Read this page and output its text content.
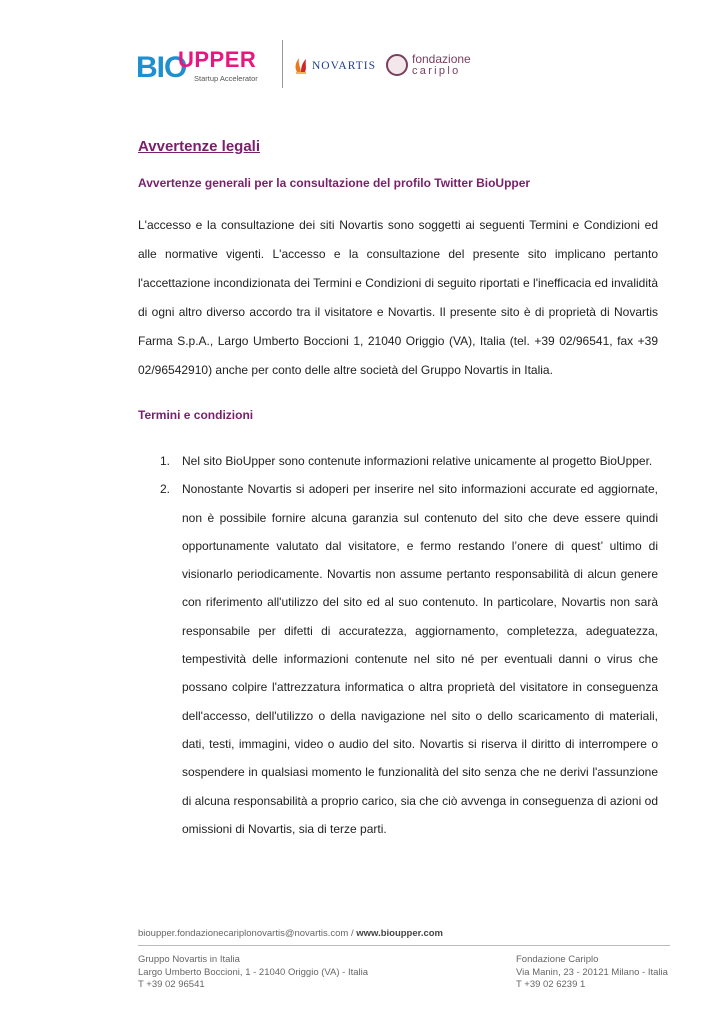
BIO
UPPER
Startup Accelerator
NOVARTIS	fondazione
cariplo
Avvertenze legali
Avvertenze generali per la consultazione del profilo Twitter BioUpper

L'accesso e la consultazione dei siti Novartis sono soggetti ai seguenti Termini e Condizioni ed alle normative vigenti. L'accesso e la consultazione del presente sito implicano pertanto l'accettazione incondizionata dei Termini e Condizioni di seguito riportati e l'inefficacia ed invalidità di ogni altro diverso accordo tra il visitatore e Novartis. Il presente sito è di proprietà di Novartis Farma S.p.A., Largo Umberto Boccioni 1, 21040 Origgio (VA), Italia (tel. +39 02/96541, fax +39 02/96542910) anche per conto delle altre società del Gruppo Novartis in Italia.

Termini e condizioni
1. Nel sito BioUpper sono contenute informazioni relative unicamente al progetto BioUpper.
2. Nonostante Novartis si adoperi per inserire nel sito informazioni accurate ed aggiornate, non è possibile fornire alcuna garanzia sul contenuto del sito che deve essere quindi opportunamente valutato dal visitatore, e fermo restando l’onere di quest’ ultimo di visionarlo periodicamente. Novartis non assume pertanto responsabilità di alcun genere con riferimento all'utilizzo del sito ed al suo contenuto. In particolare, Novartis non sarà responsabile per difetti di accuratezza, aggiornamento, completezza, adeguatezza, tempestività delle informazioni contenute nel sito né per eventuali danni o virus che possano colpire l'attrezzatura informatica o altra proprietà del visitatore in conseguenza dell'accesso, dell'utilizzo o della navigazione nel sito o dello scaricamento di materiali, dati, testi, immagini, video o audio del sito. Novartis si riserva il diritto di interrompere o sospendere in qualsiasi momento le funzionalità del sito senza che ne derivi l'assunzione di alcuna responsabilità a proprio carico, sia che ciò avvenga in conseguenza di azioni od omissioni di Novartis, sia di terze parti.
bioupper.fondazionecariplonovartis@novartis.com / www.bioupper.com
Gruppo Novartis in Italia
Largo Umberto Boccioni, 1 - 21040 Origgio (VA) - Italia
T +39 02 96541
Fondazione Cariplo
Via Manin, 23 - 20121 Milano - Italia
T +39 02 6239 1
